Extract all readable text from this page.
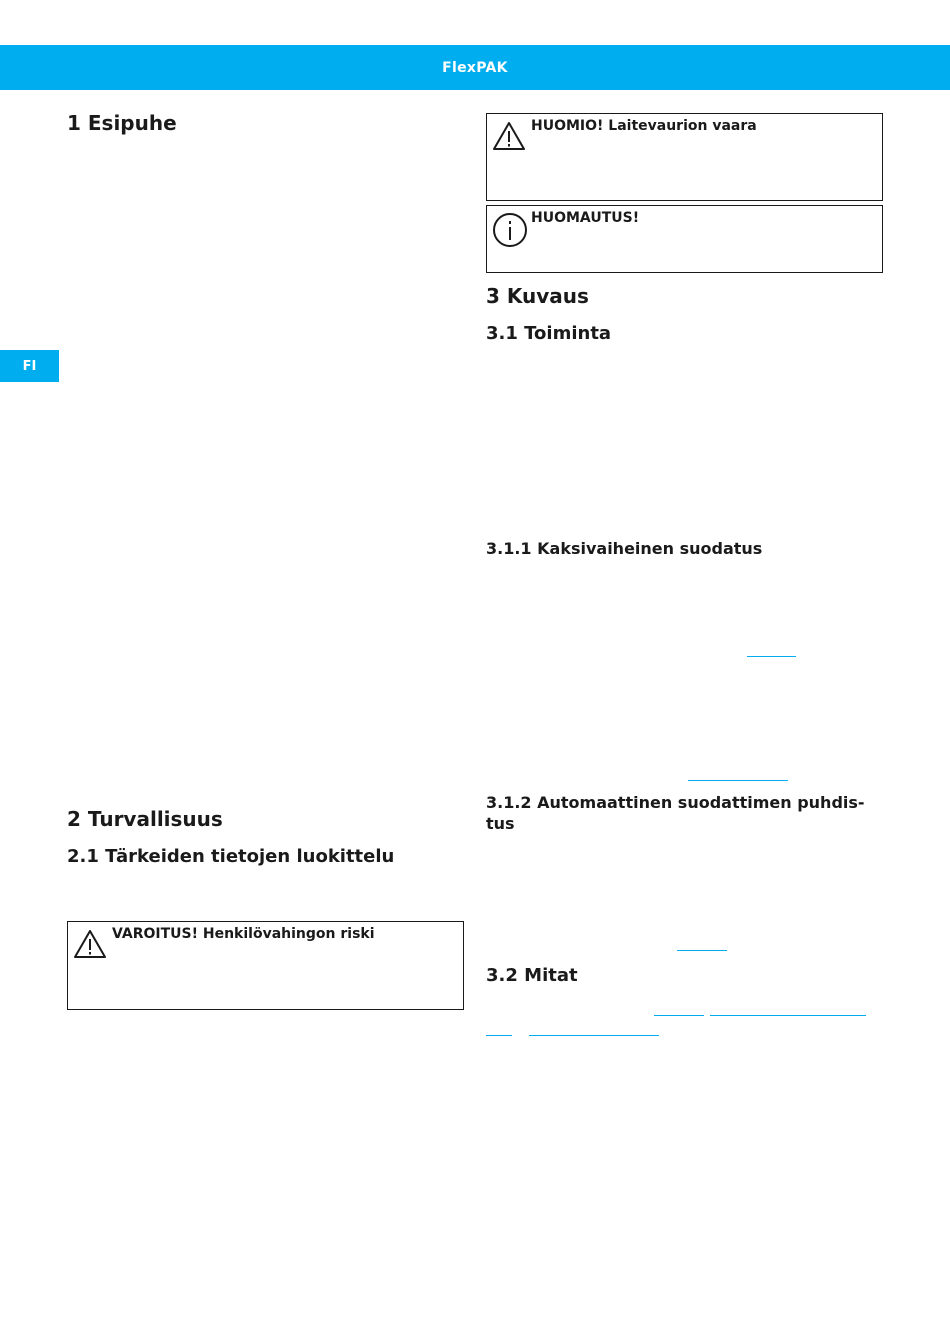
FlexPAK
FI
1 Esipuhe
2 Turvallisuus
2.1 Tärkeiden tietojen luokittelu
VAROITUS! Henkilövahingon riski
HUOMIO! Laitevaurion vaara
HUOMAUTUS!
3 Kuvaus
3.1 Toiminta
3.1.1 Kaksivaiheinen suodatus
3.1.2 Automaattinen suodattimen puhdis-tus
3.2 Mitat
